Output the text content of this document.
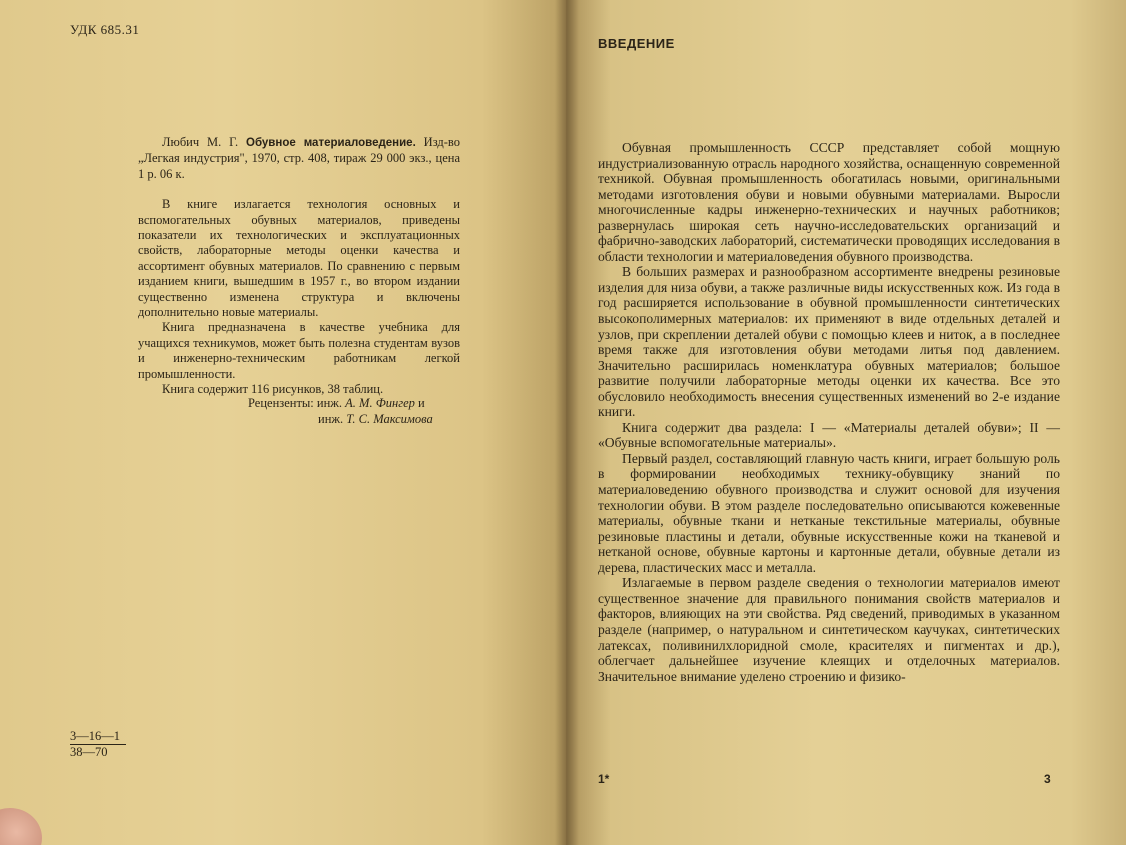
УДК 685.31

Любич М. Г. Обувное материаловедение. Изд-во „Легкая индустрия", 1970, стр. 408, тираж 29 000 экз., цена 1 р. 06 к.

В книге излагается технология основных и вспомогательных обувных материалов, приведены показатели их технологических и эксплуатационных свойств, лабораторные методы оценки качества и ассортимент обувных материалов. По сравнению с первым изданием книги, вышедшим в 1957 г., во втором издании существенно изменена структура и включены дополнительно новые материалы.

Книга предназначена в качестве учебника для учащихся техникумов, может быть полезна студентам вузов и инженерно-техническим работникам легкой промышленности.

Книга содержит 116 рисунков, 38 таблиц.

Рецензенты: инж. А. М. Фингер и
инж. Т. С. Максимова
3—16—1
38—70
ВВЕДЕНИЕ

Обувная промышленность СССР представляет собой мощную индустриализованную отрасль народного хозяйства, оснащенную современной техникой. Обувная промышленность обогатилась новыми, оригинальными методами изготовления обуви и новыми обувными материалами. Выросли многочисленные кадры инженерно-технических и научных работников; развернулась широкая сеть научно-исследовательских организаций и фабрично-заводских лабораторий, систематически проводящих исследования в области технологии и материаловедения обувного производства.

В больших размерах и разнообразном ассортименте внедрены резиновые изделия для низа обуви, а также различные виды искусственных кож. Из года в год расширяется использование в обувной промышленности синтетических высокополимерных материалов: их применяют в виде отдельных деталей и узлов, при скреплении деталей обуви с помощью клеев и ниток, а в последнее время также для изготовления обуви методами литья под давлением. Значительно расширилась номенклатура обувных материалов; большое развитие получили лабораторные методы оценки их качества. Все это обусловило необходимость внесения существенных изменений во 2-е издание книги.

Книга содержит два раздела: I — «Материалы деталей обуви»; II — «Обувные вспомогательные материалы».

Первый раздел, составляющий главную часть книги, играет большую роль в формировании необходимых технику-обувщику знаний по материаловедению обувного производства и служит основой для изучения технологии обуви. В этом разделе последовательно описываются кожевенные материалы, обувные ткани и нетканые текстильные материалы, обувные резиновые пластины и детали, обувные искусственные кожи на тканевой и нетканой основе, обувные картоны и картонные детали, обувные детали из дерева, пластических масс и металла.

Излагаемые в первом разделе сведения о технологии материалов имеют существенное значение для правильного понимания свойств материалов и факторов, влияющих на эти свойства. Ряд сведений, приводимых в указанном разделе (например, о натуральном и синтетическом каучуках, синтетических латексах, поливинилхлоридной смоле, красителях и пигментах и др.), облегчает дальнейшее изучение клеящих и отделочных материалов. Значительное внимание уделено строению и физико-

1*	3
